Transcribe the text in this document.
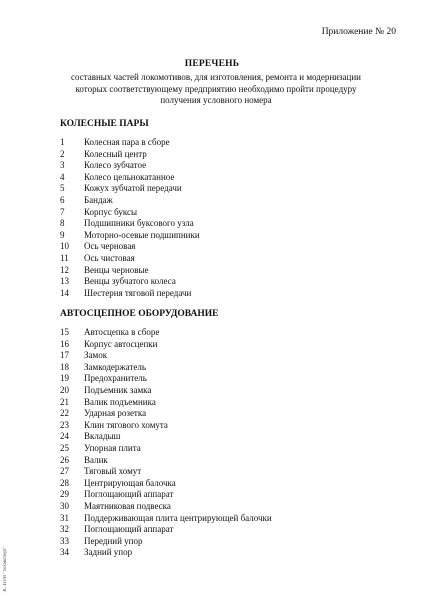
Приложение № 20
ПЕРЕЧЕНЬ
составных частей локомотивов, для изготовления, ремонта и модернизации которых соответствующему предприятию необходимо пройти процедуру получения условного номера
КОЛЕСНЫЕ ПАРЫ
1 Колесная пара в сборе
2 Колесный центр
3 Колесо зубчатое
4 Колесо цельнокатанное
5 Кожух зубчатой передачи
6 Бандаж
7 Корпус буксы
8 Подшипники буксового узла
9 Моторно-осевые подшипники
10 Ось черновая
11 Ось чистовая
12 Венцы черновые
13 Венцы зубчатого колеса
14 Шестерня тяговой передачи
АВТОСЦЕПНОЕ ОБОРУДОВАНИЕ
15 Автосцепка в сборе
16 Корпус автосцепки
17 Замок
18 Замкодержатель
19 Предохранитель
20 Подъемник замка
21 Валик подъемника
22 Ударная розетка
23 Клин тягового хомута
24 Вкладыш
25 Упорная плита
26 Валик
27 Тяговый хомут
28 Центрирующая балочка
29 Поглощающий аппарат
30 Маятниковая подвеска
31 Поддерживающая плита центрирующей балочки
32 Поглощающий аппарат
33 Передний упор
34 Задний упор
ЗС НТИ "Техэксперт"
